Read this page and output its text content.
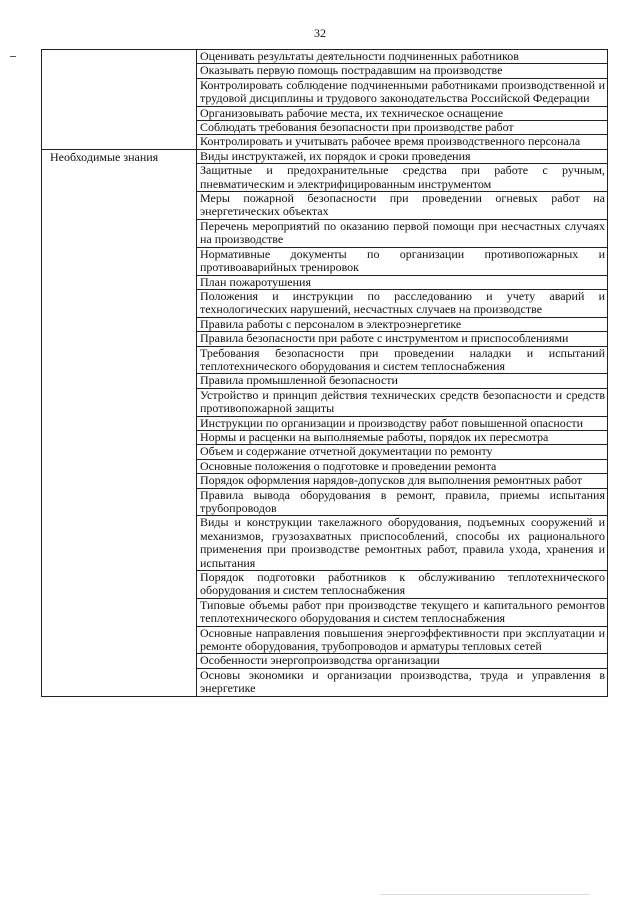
32
	Оценивать результаты деятельности подчиненных работников
	Оказывать первую помощь пострадавшим на производстве
	Контролировать соблюдение подчиненными работниками производственной и трудовой дисциплины и трудового законодательства Российской Федерации
	Организовывать рабочие места, их техническое оснащение
	Соблюдать требования безопасности при производстве работ
	Контролировать и учитывать рабочее время производственного персонала
Необходимые знания	Виды инструктажей, их порядок и сроки проведения
	Защитные и предохранительные средства при работе с ручным, пневматическим и электрифицированным инструментом
	Меры пожарной безопасности при проведении огневых работ на энергетических объектах
	Перечень мероприятий по оказанию первой помощи при несчастных случаях на производстве
	Нормативные документы по организации противопожарных и противоаварийных тренировок
	План пожаротушения
	Положения и инструкции по расследованию и учету аварий и технологических нарушений, несчастных случаев на производстве
	Правила работы с персоналом в электроэнергетике
	Правила безопасности при работе с инструментом и приспособлениями
	Требования безопасности при проведении наладки и испытаний теплотехнического оборудования и систем теплоснабжения
	Правила промышленной безопасности
	Устройство и принцип действия технических средств безопасности и средств противопожарной защиты
	Инструкции по организации и производству работ повышенной опасности
	Нормы и расценки на выполняемые работы, порядок их пересмотра
	Объем и содержание отчетной документации по ремонту
	Основные положения о подготовке и проведении ремонта
	Порядок оформления нарядов-допусков для выполнения ремонтных работ
	Правила вывода оборудования в ремонт, правила, приемы испытания трубопроводов
	Виды и конструкции такелажного оборудования, подъемных сооружений и механизмов, грузозахватных приспособлений, способы их рационального применения при производстве ремонтных работ, правила ухода, хранения и испытания
	Порядок подготовки работников к обслуживанию теплотехнического оборудования и систем теплоснабжения
	Типовые объемы работ при производстве текущего и капитального ремонтов теплотехнического оборудования и систем теплоснабжения
	Основные направления повышения энергоэффективности при эксплуатации и ремонте оборудования, трубопроводов и арматуры тепловых сетей
	Особенности энергопроизводства организации
	Основы экономики и организации производства, труда и управления в энергетике
